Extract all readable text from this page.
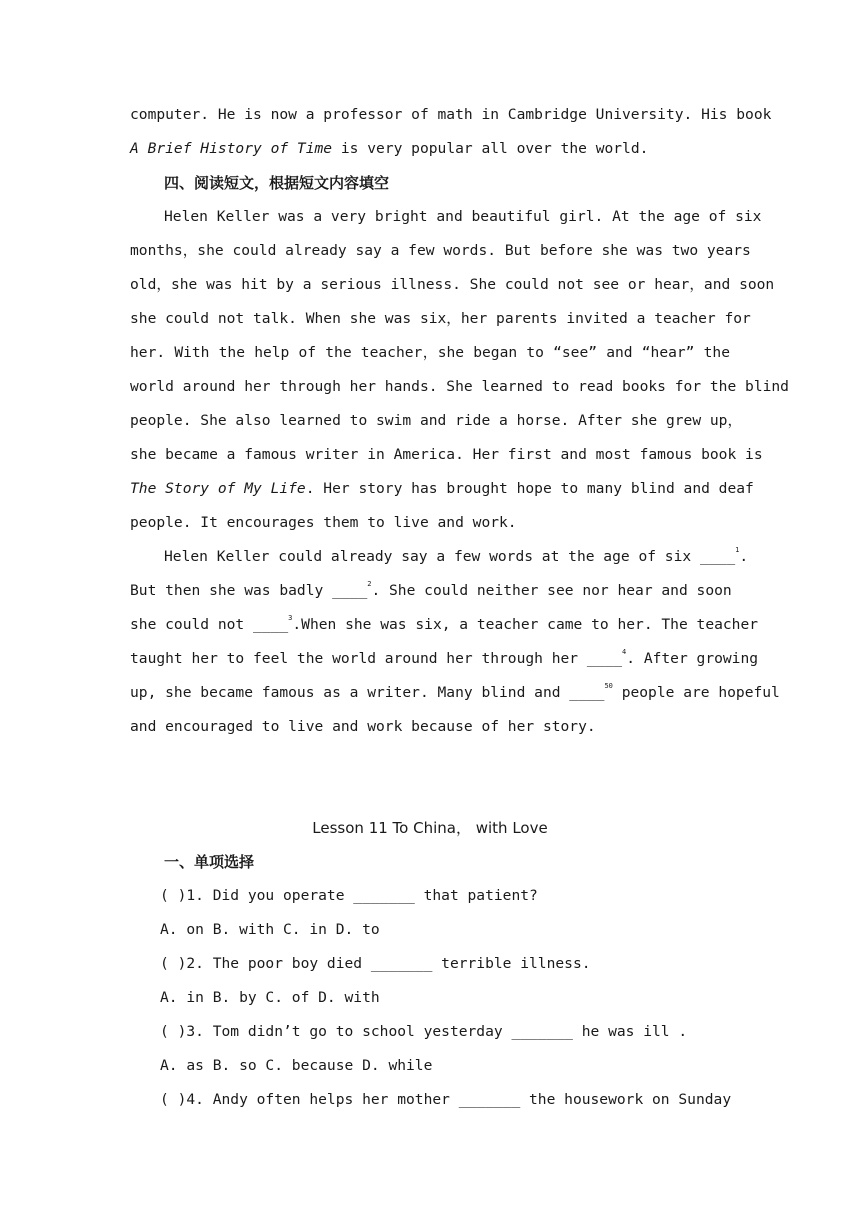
computer. He is now a professor of math in Cambridge University. His book
A Brief History of Time is very popular all over the world.
四、阅读短文，根据短文内容填空
Helen Keller was a very bright and beautiful girl. At the age of six
months，she could already say a few words. But before she was two years
old，she was hit by a serious illness. She could not see or hear，and soon
she could not talk. When she was six，her parents invited a teacher for
her. With the help of the teacher，she began to “see” and “hear” the
world around her through her hands. She learned to read books for the blind
people. She also learned to swim and ride a horse. After she grew up，
she became a famous writer in America. Her first and most famous book is
The Story of My Life. Her story has brought hope to many blind and deaf
people. It encourages them to live and work.
Helen Keller could already say a few words at the age of six ____$^1$.
But then she was badly ____$^2$. She could neither see nor hear and soon
she could not ____$^3$.When she was six, a teacher came to her. The teacher
taught her to feel the world around her through her ____$^4$. After growing
up, she became famous as a writer. Many blind and ____$^{50}$ people are hopeful
and encouraged to live and work because of her story.
Lesson 11 To China， with Love
一、单项选择
( )1. Did you operate _______ that patient?
A. on B. with C. in D. to
( )2. The poor boy died _______ terrible illness.
A. in B. by C. of D. with
( )3. Tom didn’t go to school yesterday _______ he was ill .
A. as B. so C. because D. while
( )4. Andy often helps her mother _______ the housework on Sunday
